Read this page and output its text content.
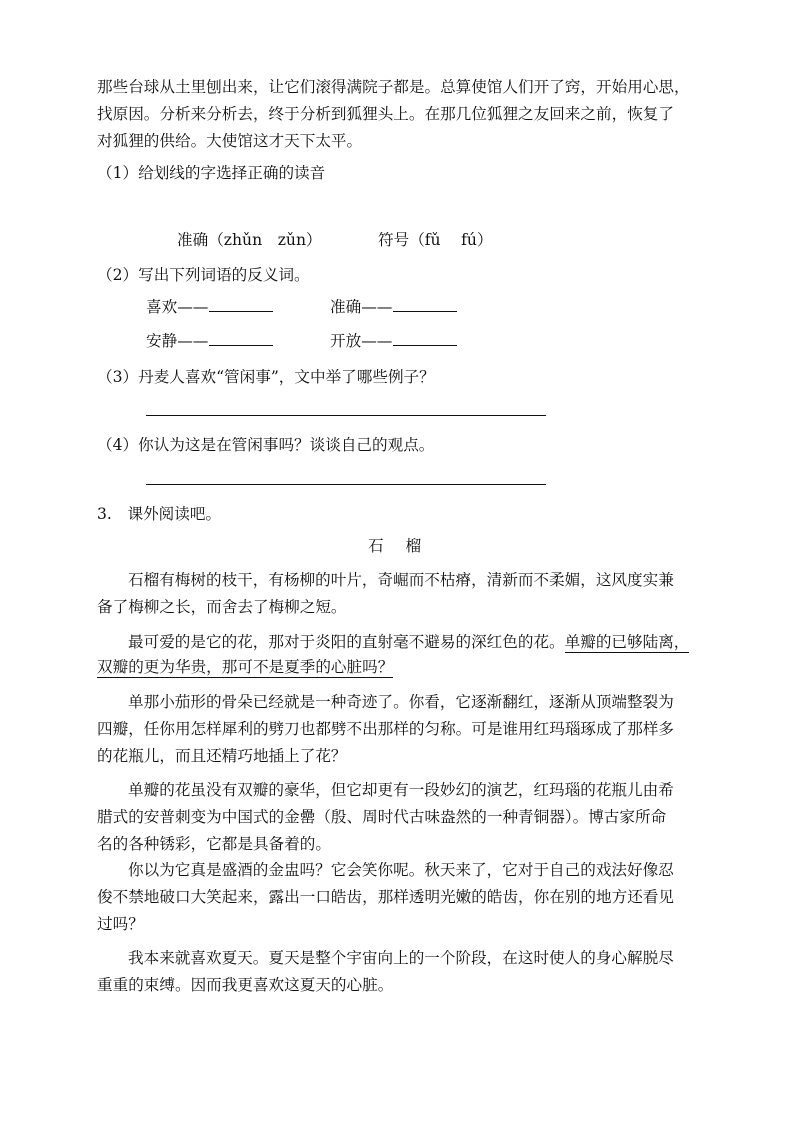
那些台球从土里刨出来，让它们滚得满院子都是。总算使馆人们开了窍，开始用心思，
找原因。分析来分析去，终于分析到狐狸头上。在那几位狐狸之友回来之前，恢复了
对狐狸的供给。大使馆这才天下太平。
（1）给划线的字选择正确的读音
准确（zhǔn　zǔn）	符号（fǔ　 fú）
（2）写出下列词语的反义词。
喜欢——	准确——
安静——	开放——
（3）丹麦人喜欢“管闲事”，文中举了哪些例子？
（4）你认为这是在管闲事吗？谈谈自己的观点。
3.　课外阅读吧。
石榴
石榴有梅树的枝干，有杨柳的叶片，奇崛而不枯瘠，清新而不柔媚，这风度实兼
备了梅柳之长，而舍去了梅柳之短。
最可爱的是它的花，那对于炎阳的直射毫不避易的深红色的花。单瓣的已够陆离，
双瓣的更为华贵，那可不是夏季的心脏吗？
单那小茄形的骨朵已经就是一种奇迹了。你看，它逐渐翻红，逐渐从顶端整裂为
四瓣，任你用怎样犀利的劈刀也都劈不出那样的匀称。可是谁用红玛瑙琢成了那样多
的花瓶儿，而且还精巧地插上了花？
单瓣的花虽没有双瓣的豪华，但它却更有一段妙幻的演艺，红玛瑙的花瓶儿由希
腊式的安普刺变为中国式的金罍（殷、周时代古味盎然的一种青铜器）。博古家所命
名的各种锈彩，它都是具备着的。
你以为它真是盛酒的金盅吗？它会笑你呢。秋天来了，它对于自己的戏法好像忍
俊不禁地破口大笑起来，露出一口皓齿，那样透明光嫩的皓齿，你在别的地方还看见
过吗？
我本来就喜欢夏天。夏天是整个宇宙向上的一个阶段，在这时使人的身心解脱尽
重重的束缚。因而我更喜欢这夏天的心脏。
